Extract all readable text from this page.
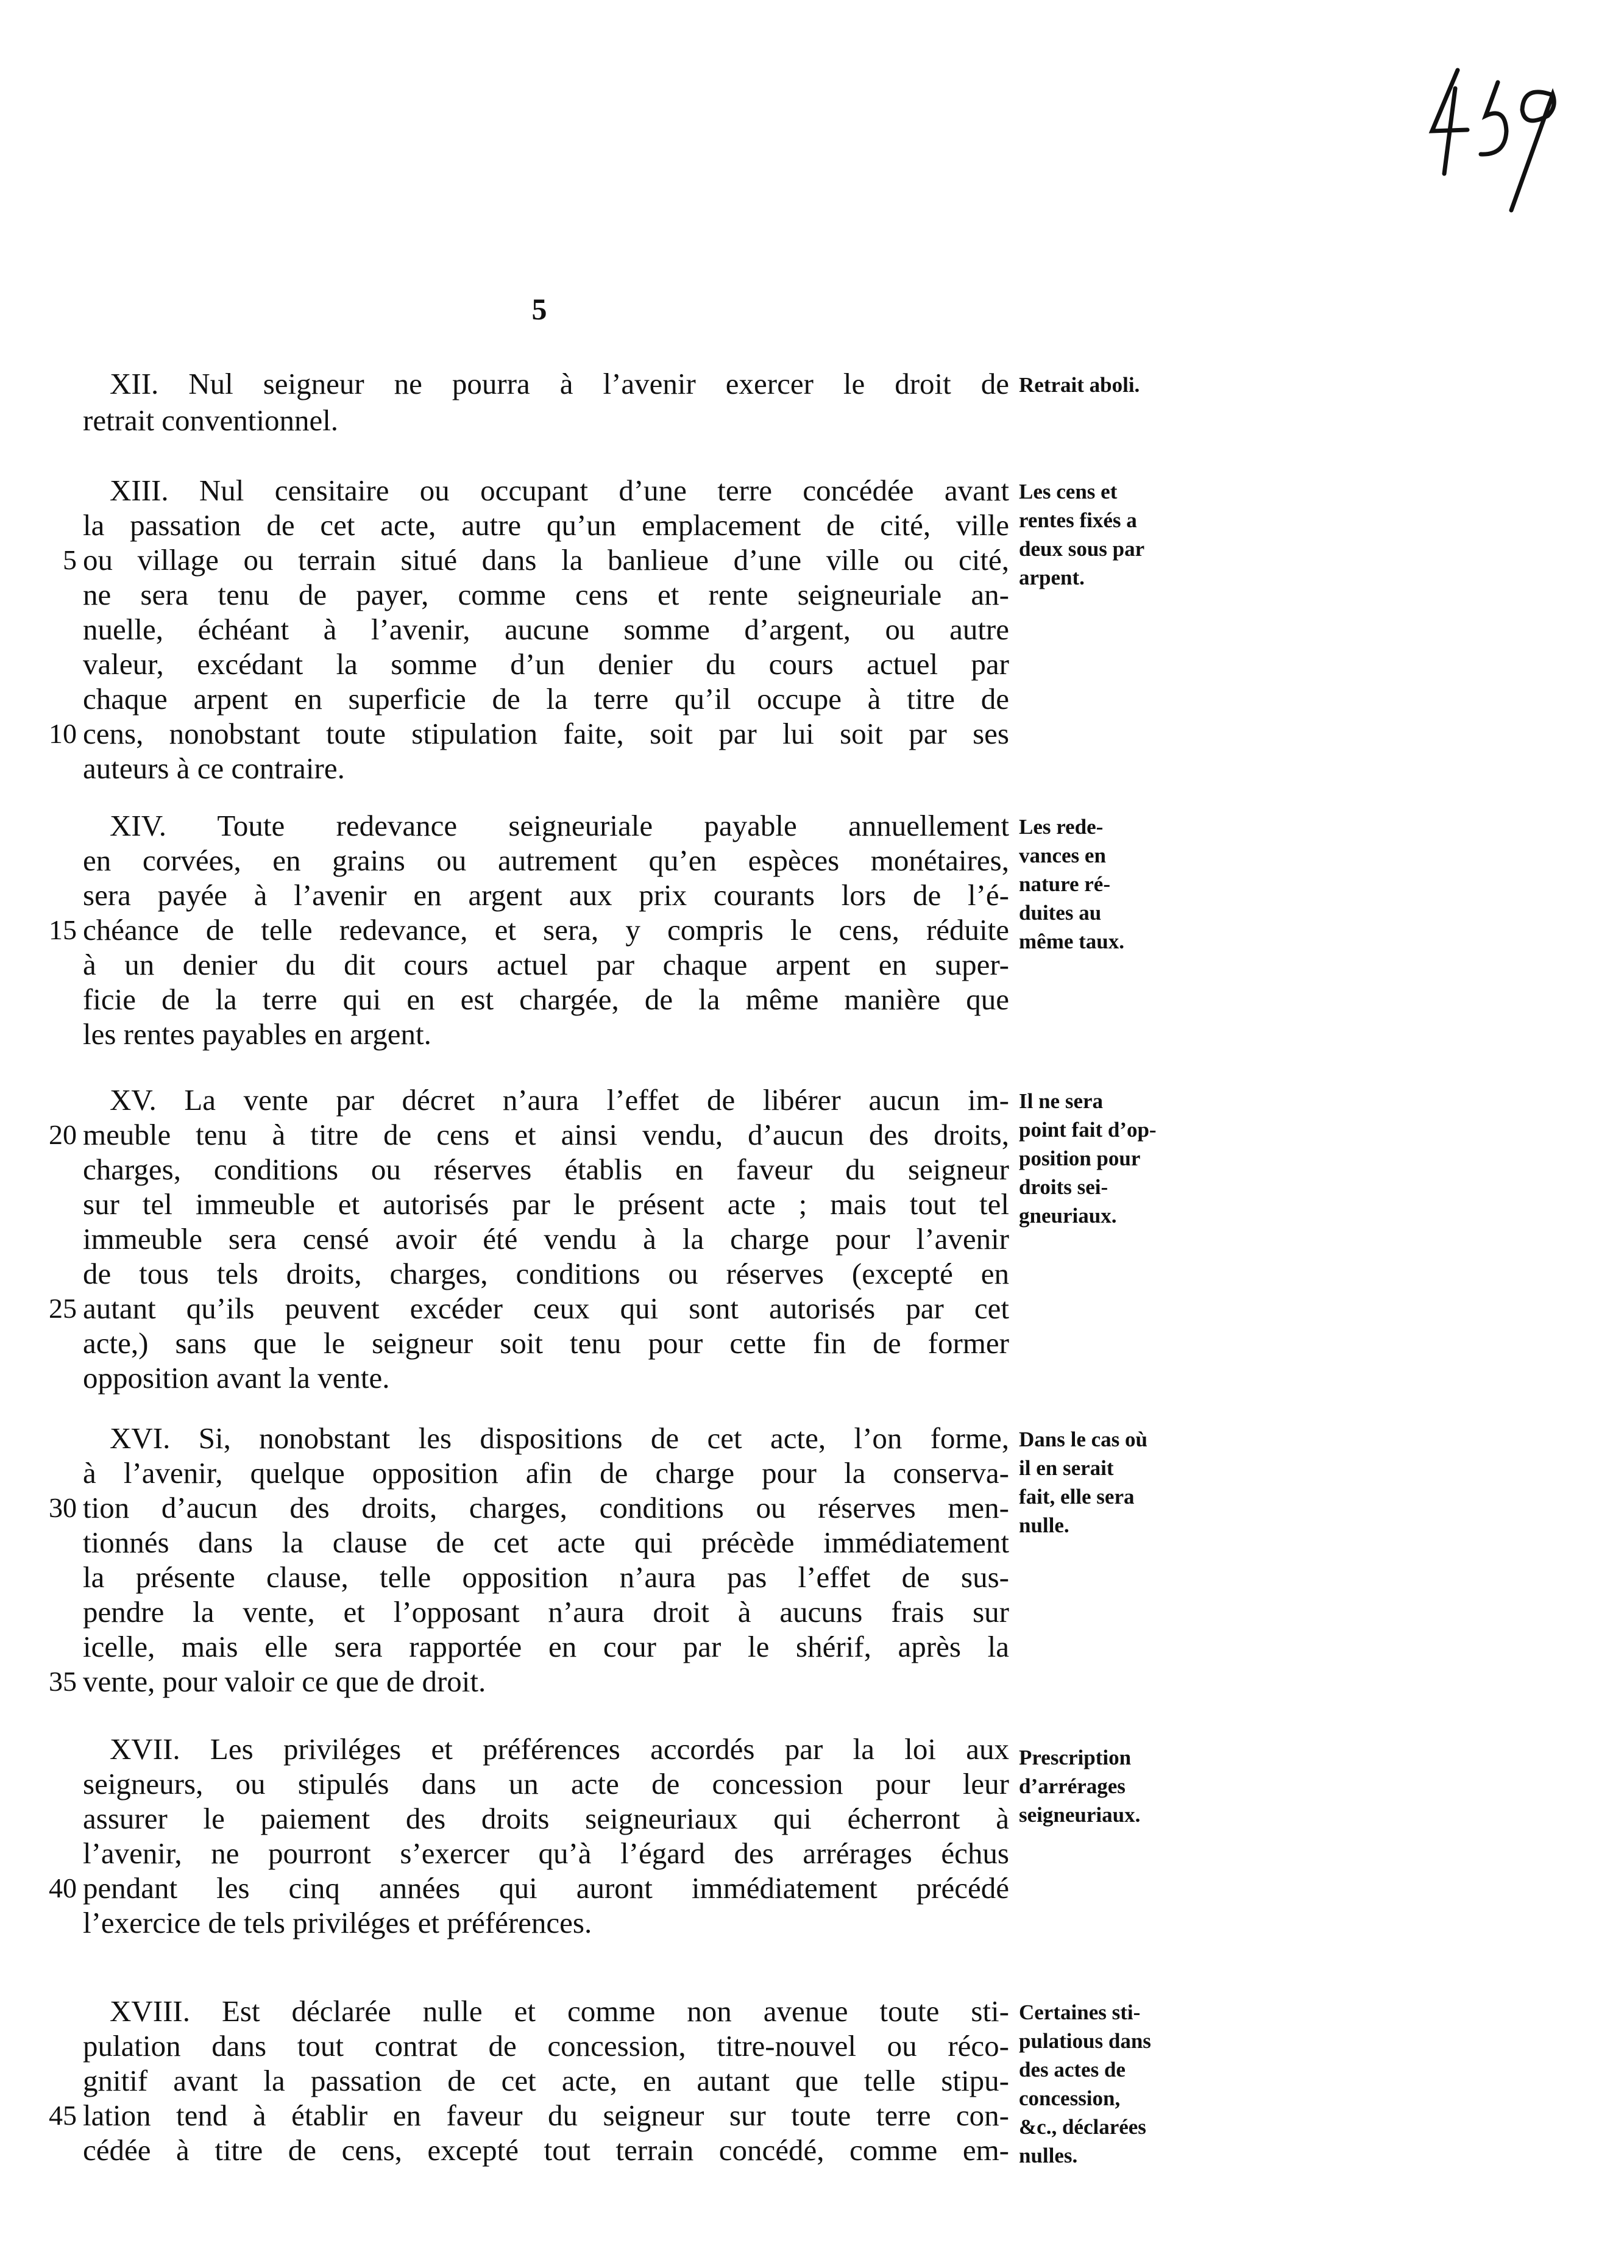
5
XII. Nul seigneur ne pourra à l’avenir exercer le droit de
retrait conventionnel.
Retrait aboli.
XIII. Nul censitaire ou occupant d’une terre concédée avant
la passation de cet acte, autre qu’un emplacement de cité, ville
ou village ou terrain situé dans la banlieue d’une ville ou cité,
5
ne sera tenu de payer, comme cens et rente seigneuriale an-
nuelle, échéant à l’avenir, aucune somme d’argent, ou autre
valeur, excédant la somme d’un denier du cours actuel par
chaque arpent en superficie de la terre qu’il occupe à titre de
cens, nonobstant toute stipulation faite, soit par lui soit par ses
10
auteurs à ce contraire.
Les cens et
rentes fixés a
deux sous par
arpent.
XIV. Toute redevance seigneuriale payable annuellement
en corvées, en grains ou autrement qu’en espèces monétaires,
sera payée à l’avenir en argent aux prix courants lors de l’é-
chéance de telle redevance, et sera, y compris le cens, réduite
15
à un denier du dit cours actuel par chaque arpent en super-
ficie de la terre qui en est chargée, de la même manière que
les rentes payables en argent.
Les rede-
vances en
nature ré-
duites au
même taux.
XV. La vente par décret n’aura l’effet de libérer aucun im-
meuble tenu à titre de cens et ainsi vendu, d’aucun des droits,
20
charges, conditions ou réserves établis en faveur du seigneur
sur tel immeuble et autorisés par le présent acte ; mais tout tel
immeuble sera censé avoir été vendu à la charge pour l’avenir
de tous tels droits, charges, conditions ou réserves (excepté en
autant qu’ils peuvent excéder ceux qui sont autorisés par cet
25
acte,) sans que le seigneur soit tenu pour cette fin de former
opposition avant la vente.
Il ne sera
point fait d’op-
position pour
droits sei-
gneuriaux.
XVI. Si, nonobstant les dispositions de cet acte, l’on forme,
à l’avenir, quelque opposition afin de charge pour la conserva-
tion d’aucun des droits, charges, conditions ou réserves men-
30
tionnés dans la clause de cet acte qui précède immédiatement
la présente clause, telle opposition n’aura pas l’effet de sus-
pendre la vente, et l’opposant n’aura droit à aucuns frais sur
icelle, mais elle sera rapportée en cour par le shérif, après la
vente, pour valoir ce que de droit.
35
Dans le cas où
il en serait
fait, elle sera
nulle.
XVII. Les priviléges et préférences accordés par la loi aux
seigneurs, ou stipulés dans un acte de concession pour leur
assurer le paiement des droits seigneuriaux qui écherront à
l’avenir, ne pourront s’exercer qu’à l’égard des arrérages échus
pendant les cinq années qui auront immédiatement précédé
40
l’exercice de tels priviléges et préférences.
Prescription
d’arrérages
seigneuriaux.
XVIII. Est déclarée nulle et comme non avenue toute sti-
pulation dans tout contrat de concession, titre-nouvel ou réco-
gnitif avant la passation de cet acte, en autant que telle stipu-
lation tend à établir en faveur du seigneur sur toute terre con-
45
cédée à titre de cens, excepté tout terrain concédé, comme em-
Certaines sti-
pulatious dans
des actes de
concession,
&c., déclarées
nulles.
